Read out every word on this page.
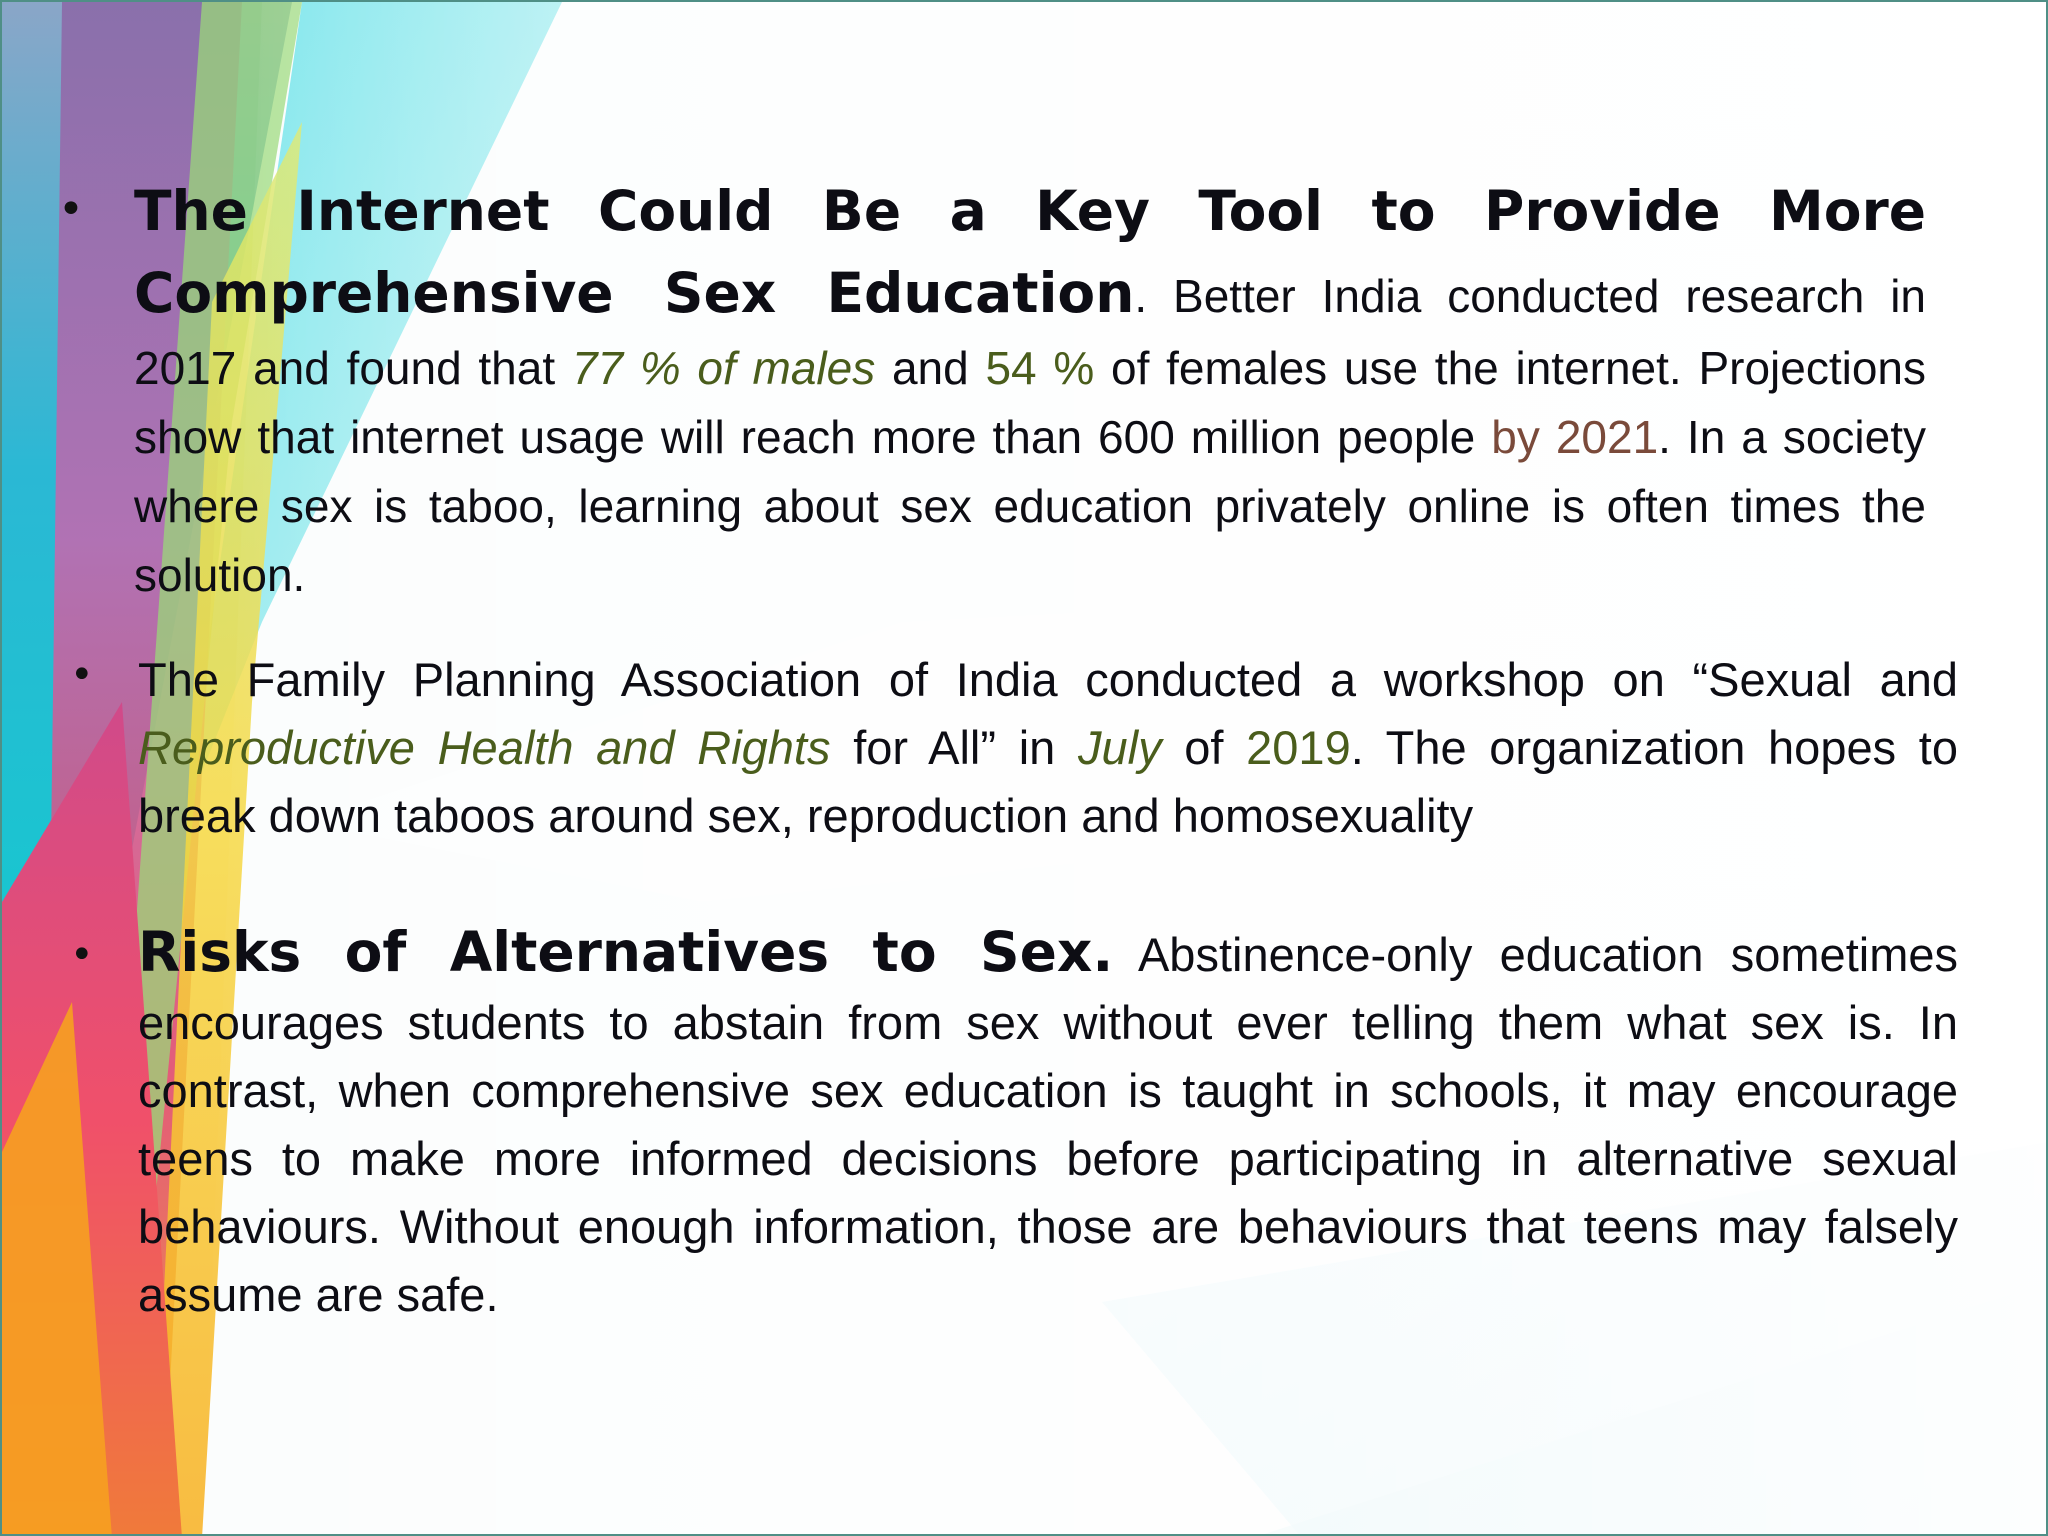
• The Internet Could Be a Key Tool to Provide More Comprehensive Sex Education. Better India conducted research in 2017 and found that 77 % of males and 54 % of females use the internet. Projections show that internet usage will reach more than 600 million people by 2021. In a society where sex is taboo, learning about sex education privately online is often times the solution.

• The Family Planning Association of India conducted a workshop on “Sexual and Reproductive Health and Rights for All” in July of 2019. The organization hopes to break down taboos around sex, reproduction and homosexuality

• Risks of Alternatives to Sex. Abstinence-only education sometimes encourages students to abstain from sex without ever telling them what sex is. In contrast, when comprehensive sex education is taught in schools, it may encourage teens to make more informed decisions before participating in alternative sexual behaviours. Without enough information, those are behaviours that teens may falsely assume are safe.
